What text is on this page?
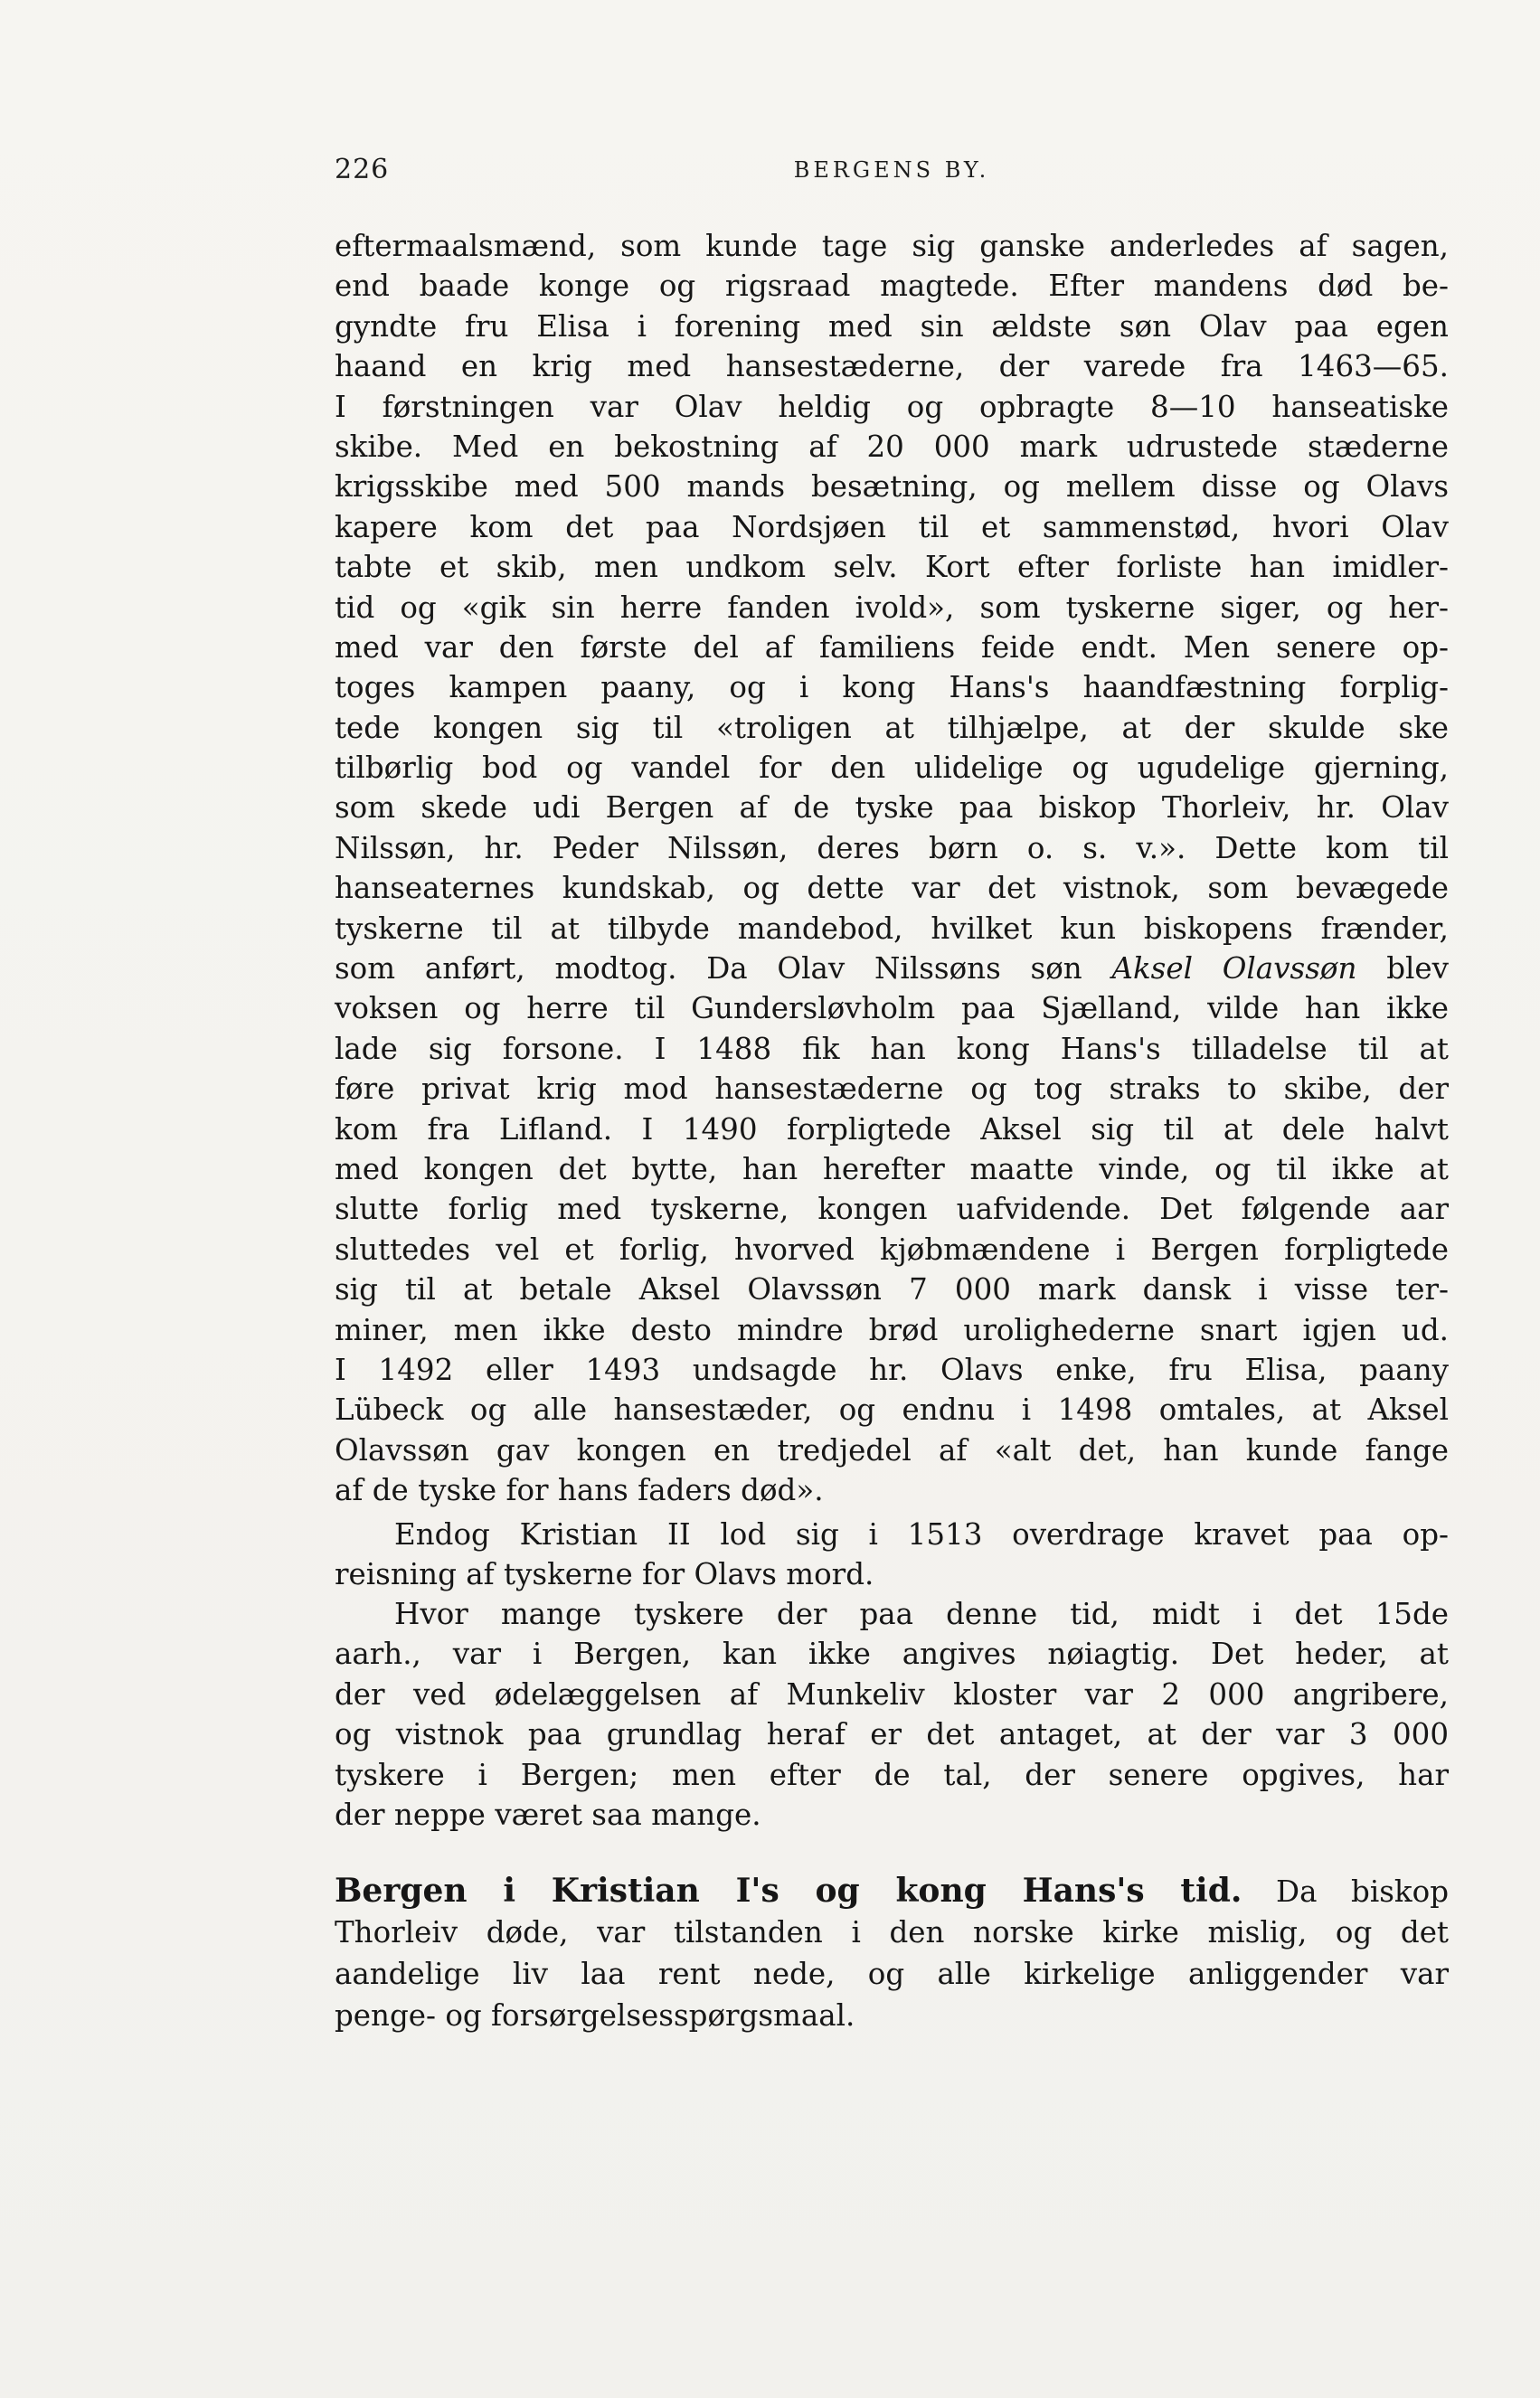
226	BERGENS BY.
eftermaalsmænd, som kunde tage sig ganske anderledes af sagen,
end baade konge og rigsraad magtede. Efter mandens død be-
gyndte fru Elisa i forening med sin ældste søn Olav paa egen
haand en krig med hansestæderne, der varede fra 1463—65.
I førstningen var Olav heldig og opbragte 8—10 hanseatiske
skibe. Med en bekostning af 20 000 mark udrustede stæderne
krigsskibe med 500 mands besætning, og mellem disse og Olavs
kapere kom det paa Nordsjøen til et sammenstød, hvori Olav
tabte et skib, men undkom selv. Kort efter forliste han imidler-
tid og «gik sin herre fanden ivold», som tyskerne siger, og her-
med var den første del af familiens feide endt. Men senere op-
toges kampen paany, og i kong Hans's haandfæstning forplig-
tede kongen sig til «troligen at tilhjælpe, at der skulde ske
tilbørlig bod og vandel for den ulidelige og ugudelige gjerning,
som skede udi Bergen af de tyske paa biskop Thorleiv, hr. Olav
Nilssøn, hr. Peder Nilssøn, deres børn o. s. v.». Dette kom til
hanseaternes kundskab, og dette var det vistnok, som bevægede
tyskerne til at tilbyde mandebod, hvilket kun biskopens frænder,
som anført, modtog. Da Olav Nilssøns søn Aksel Olavssøn blev
voksen og herre til Gundersløvholm paa Sjælland, vilde han ikke
lade sig forsone. I 1488 fik han kong Hans's tilladelse til at
føre privat krig mod hansestæderne og tog straks to skibe, der
kom fra Lifland. I 1490 forpligtede Aksel sig til at dele halvt
med kongen det bytte, han herefter maatte vinde, og til ikke at
slutte forlig med tyskerne, kongen uafvidende. Det følgende aar
sluttedes vel et forlig, hvorved kjøbmændene i Bergen forpligtede
sig til at betale Aksel Olavssøn 7 000 mark dansk i visse ter-
miner, men ikke desto mindre brød urolighederne snart igjen ud.
I 1492 eller 1493 undsagde hr. Olavs enke, fru Elisa, paany
Lübeck og alle hansestæder, og endnu i 1498 omtales, at Aksel
Olavssøn gav kongen en tredjedel af «alt det, han kunde fange
af de tyske for hans faders død».
Endog Kristian II lod sig i 1513 overdrage kravet paa op-
reisning af tyskerne for Olavs mord.
Hvor mange tyskere der paa denne tid, midt i det 15de
aarh., var i Bergen, kan ikke angives nøiagtig. Det heder, at
der ved ødelæggelsen af Munkeliv kloster var 2 000 angribere,
og vistnok paa grundlag heraf er det antaget, at der var 3 000
tyskere i Bergen; men efter de tal, der senere opgives, har
der neppe været saa mange.
Bergen i Kristian I's og kong Hans's tid. Da biskop
Thorleiv døde, var tilstanden i den norske kirke mislig, og det
aandelige liv laa rent nede, og alle kirkelige anliggender var
penge- og forsørgelsesspørgsmaal.
